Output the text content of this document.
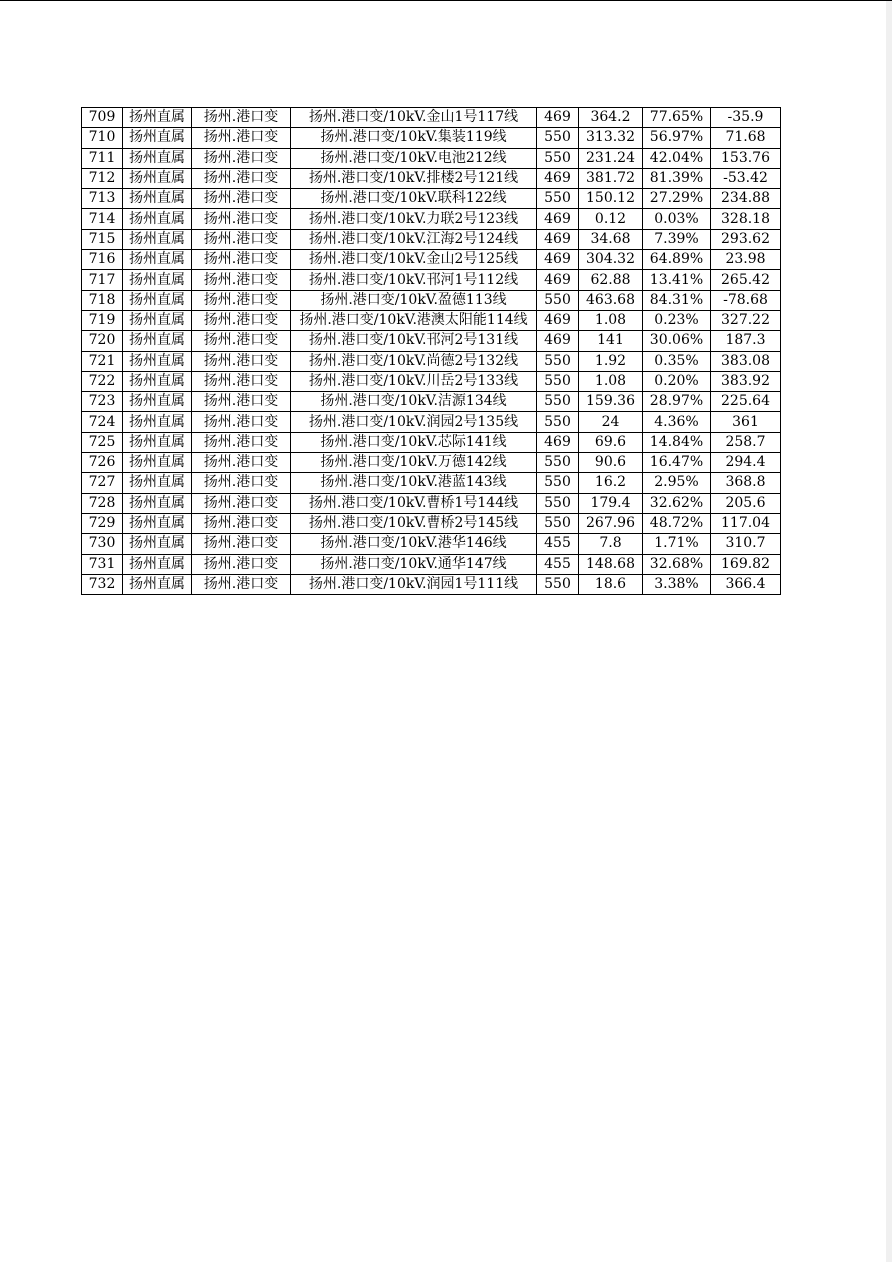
709	扬州直属	扬州.港口变	扬州.港口变/10kV.金山1号117线	469	364.2	77.65%	-35.9
710	扬州直属	扬州.港口变	扬州.港口变/10kV.集装119线	550	313.32	56.97%	71.68
711	扬州直属	扬州.港口变	扬州.港口变/10kV.电池212线	550	231.24	42.04%	153.76
712	扬州直属	扬州.港口变	扬州.港口变/10kV.排楼2号121线	469	381.72	81.39%	-53.42
713	扬州直属	扬州.港口变	扬州.港口变/10kV.联科122线	550	150.12	27.29%	234.88
714	扬州直属	扬州.港口变	扬州.港口变/10kV.力联2号123线	469	0.12	0.03%	328.18
715	扬州直属	扬州.港口变	扬州.港口变/10kV.江海2号124线	469	34.68	7.39%	293.62
716	扬州直属	扬州.港口变	扬州.港口变/10kV.金山2号125线	469	304.32	64.89%	23.98
717	扬州直属	扬州.港口变	扬州.港口变/10kV.邗河1号112线	469	62.88	13.41%	265.42
718	扬州直属	扬州.港口变	扬州.港口变/10kV.盈德113线	550	463.68	84.31%	-78.68
719	扬州直属	扬州.港口变	扬州.港口变/10kV.港澳太阳能114线	469	1.08	0.23%	327.22
720	扬州直属	扬州.港口变	扬州.港口变/10kV.邗河2号131线	469	141	30.06%	187.3
721	扬州直属	扬州.港口变	扬州.港口变/10kV.尚德2号132线	550	1.92	0.35%	383.08
722	扬州直属	扬州.港口变	扬州.港口变/10kV.川岳2号133线	550	1.08	0.20%	383.92
723	扬州直属	扬州.港口变	扬州.港口变/10kV.洁源134线	550	159.36	28.97%	225.64
724	扬州直属	扬州.港口变	扬州.港口变/10kV.润园2号135线	550	24	4.36%	361
725	扬州直属	扬州.港口变	扬州.港口变/10kV.芯际141线	469	69.6	14.84%	258.7
726	扬州直属	扬州.港口变	扬州.港口变/10kV.万德142线	550	90.6	16.47%	294.4
727	扬州直属	扬州.港口变	扬州.港口变/10kV.港蓝143线	550	16.2	2.95%	368.8
728	扬州直属	扬州.港口变	扬州.港口变/10kV.曹桥1号144线	550	179.4	32.62%	205.6
729	扬州直属	扬州.港口变	扬州.港口变/10kV.曹桥2号145线	550	267.96	48.72%	117.04
730	扬州直属	扬州.港口变	扬州.港口变/10kV.港华146线	455	7.8	1.71%	310.7
731	扬州直属	扬州.港口变	扬州.港口变/10kV.通华147线	455	148.68	32.68%	169.82
732	扬州直属	扬州.港口变	扬州.港口变/10kV.润园1号111线	550	18.6	3.38%	366.4
